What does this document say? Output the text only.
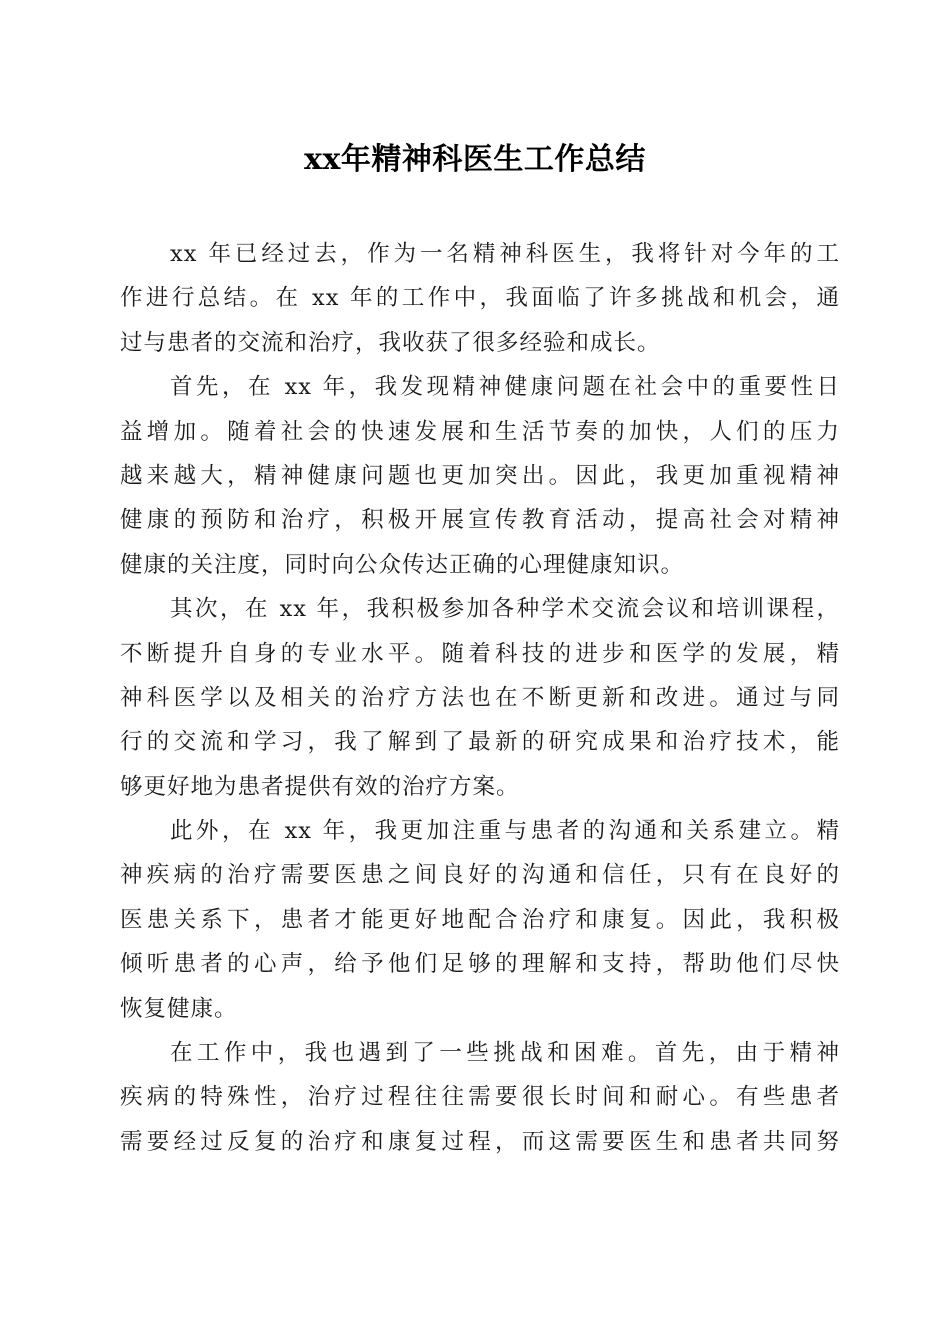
xx年精神科医生工作总结
xx 年已经过去，作为一名精神科医生，我将针对今年的工
作进行总结。在 xx 年的工作中，我面临了许多挑战和机会，通
过与患者的交流和治疗，我收获了很多经验和成长。
首先，在 xx 年，我发现精神健康问题在社会中的重要性日
益增加。随着社会的快速发展和生活节奏的加快，人们的压力
越来越大，精神健康问题也更加突出。因此，我更加重视精神
健康的预防和治疗，积极开展宣传教育活动，提高社会对精神
健康的关注度，同时向公众传达正确的心理健康知识。
其次，在 xx 年，我积极参加各种学术交流会议和培训课程，
不断提升自身的专业水平。随着科技的进步和医学的发展，精
神科医学以及相关的治疗方法也在不断更新和改进。通过与同
行的交流和学习，我了解到了最新的研究成果和治疗技术，能
够更好地为患者提供有效的治疗方案。
此外，在 xx 年，我更加注重与患者的沟通和关系建立。精
神疾病的治疗需要医患之间良好的沟通和信任，只有在良好的
医患关系下，患者才能更好地配合治疗和康复。因此，我积极
倾听患者的心声，给予他们足够的理解和支持，帮助他们尽快
恢复健康。
在工作中，我也遇到了一些挑战和困难。首先，由于精神
疾病的特殊性，治疗过程往往需要很长时间和耐心。有些患者
需要经过反复的治疗和康复过程，而这需要医生和患者共同努
